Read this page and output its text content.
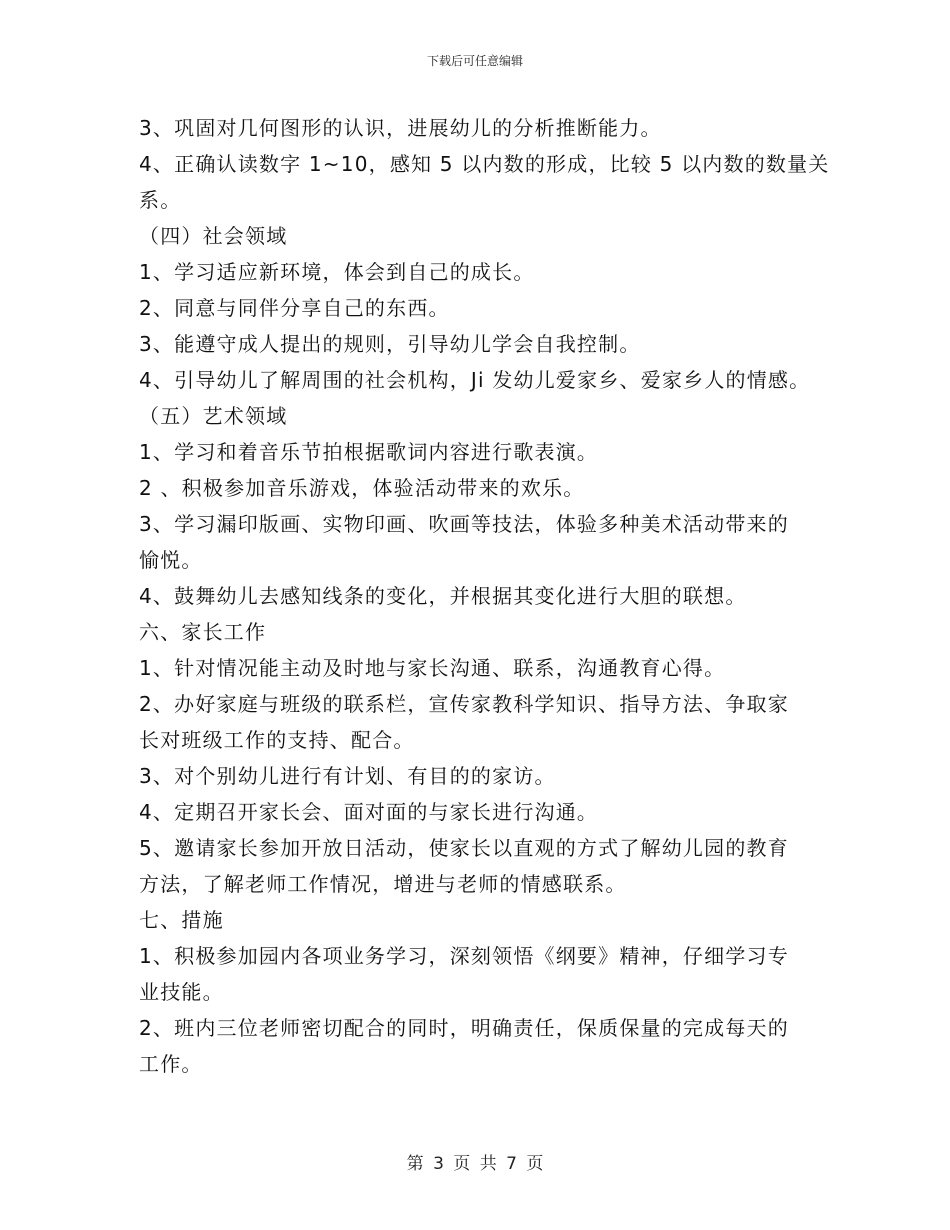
下载后可任意编辑
3、巩固对几何图形的认识，进展幼儿的分析推断能力。
4、正确认读数字 1~10，感知 5 以内数的形成，比较 5 以内数的数量关
系。
（四）社会领域
1、学习适应新环境，体会到自己的成长。
2、同意与同伴分享自己的东西。
3、能遵守成人提出的规则，引导幼儿学会自我控制。
4、引导幼儿了解周围的社会机构，Ji 发幼儿爱家乡、爱家乡人的情感。
（五）艺术领域
1、学习和着音乐节拍根据歌词内容进行歌表演。
2 、积极参加音乐游戏，体验活动带来的欢乐。
3、学习漏印版画、实物印画、吹画等技法，体验多种美术活动带来的
愉悦。
4、鼓舞幼儿去感知线条的变化，并根据其变化进行大胆的联想。
六、家长工作
1、针对情况能主动及时地与家长沟通、联系，沟通教育心得。
2、办好家庭与班级的联系栏，宣传家教科学知识、指导方法、争取家
长对班级工作的支持、配合。
3、对个别幼儿进行有计划、有目的的家访。
4、定期召开家长会、面对面的与家长进行沟通。
5、邀请家长参加开放日活动，使家长以直观的方式了解幼儿园的教育
方法，了解老师工作情况，增进与老师的情感联系。
七、措施
1、积极参加园内各项业务学习，深刻领悟《纲要》精神，仔细学习专
业技能。
2、班内三位老师密切配合的同时，明确责任，保质保量的完成每天的
工作。
第 3 页 共 7 页
